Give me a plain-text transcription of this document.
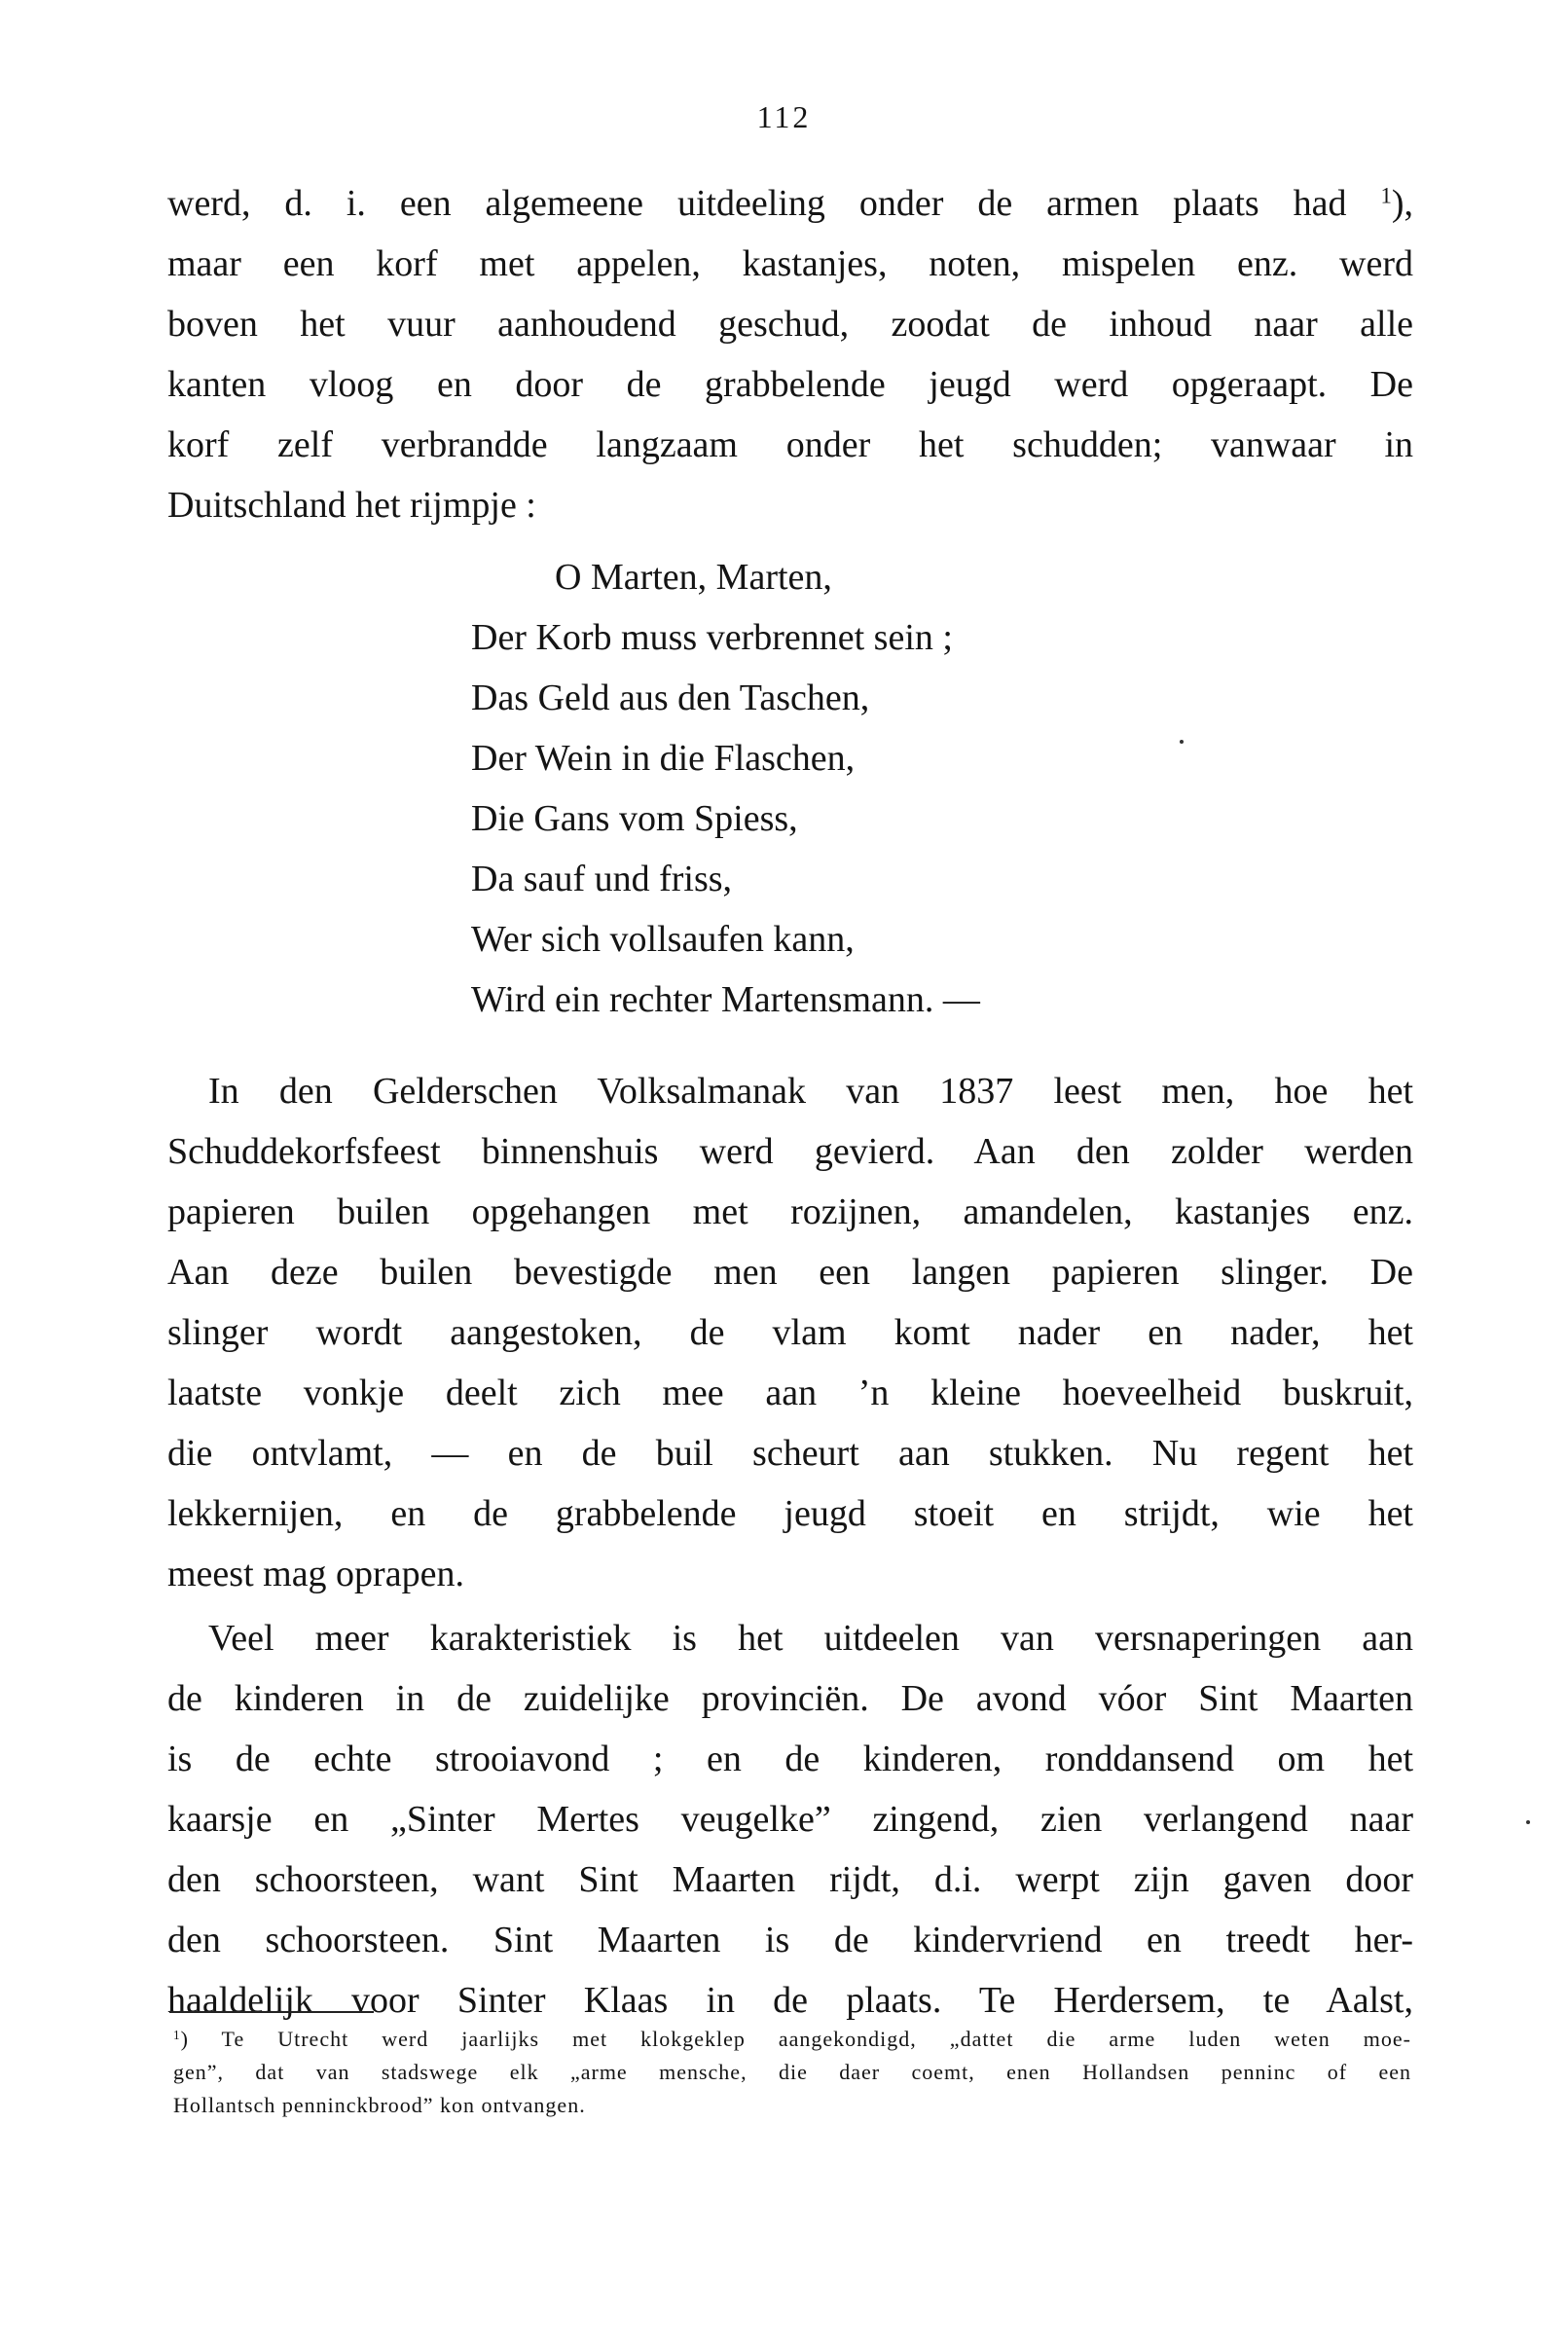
112
werd, d. i. een algemeene uitdeeling onder de armen plaats had $^1$),
maar een korf met appelen, kastanjes, noten, mispelen enz. werd
boven het vuur aanhoudend geschud, zoodat de inhoud naar alle
kanten vloog en door de grabbelende jeugd werd opgeraapt. De
korf zelf verbrandde langzaam onder het schudden; vanwaar in
Duitschland het rijmpje :
O Marten, Marten,
Der Korb muss verbrennet sein ;
Das Geld aus den Taschen,
Der Wein in die Flaschen,
Die Gans vom Spiess,
Da sauf und friss,
Wer sich vollsaufen kann,
Wird ein rechter Martensmann. —
In den Gelderschen Volksalmanak van 1837 leest men, hoe het
Schuddekorfsfeest binnenshuis werd gevierd. Aan den zolder werden
papieren builen opgehangen met rozijnen, amandelen, kastanjes enz.
Aan deze builen bevestigde men een langen papieren slinger. De
slinger wordt aangestoken, de vlam komt nader en nader, het
laatste vonkje deelt zich mee aan ’n kleine hoeveelheid buskruit,
die ontvlamt, — en de buil scheurt aan stukken. Nu regent het
lekkernijen, en de grabbelende jeugd stoeit en strijdt, wie het
meest mag oprapen.
Veel meer karakteristiek is het uitdeelen van versnaperingen aan
de kinderen in de zuidelijke provinciën. De avond vóor Sint Maarten
is de echte strooiavond ; en de kinderen, ronddansend om het
kaarsje en „Sinter Mertes veugelke” zingend, zien verlangend naar
den schoorsteen, want Sint Maarten rijdt, d.i. werpt zijn gaven door
den schoorsteen. Sint Maarten is de kindervriend en treedt her-
haaldelijk voor Sinter Klaas in de plaats. Te Herdersem, te Aalst,
$^1$) Te Utrecht werd jaarlijks met klokgeklep aangekondigd, „dattet die arme luden weten moe-
gen”, dat van stadswege elk „arme mensche, die daer coemt, enen Hollandsen penninc of een
Hollantsch penninckbrood” kon ontvangen.
